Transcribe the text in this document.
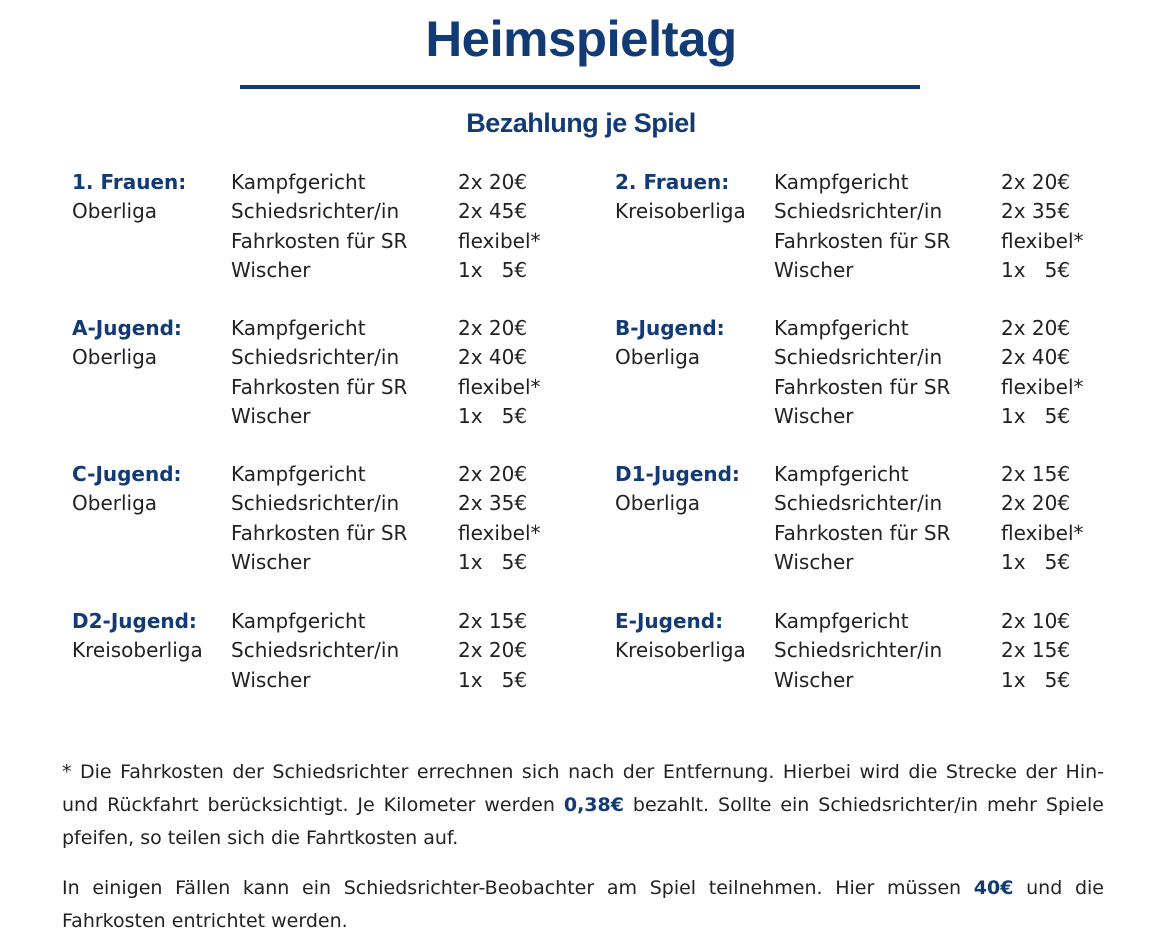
Heimspieltag
Bezahlung je Spiel
1. Frauen:
Oberliga
Kampfgericht
Schiedsrichter/in
Fahrkosten für SR
Wischer
2x 20€
2x 45€
flexibel*
1x   5€
2. Frauen:
Kreisoberliga
Kampfgericht
Schiedsrichter/in
Fahrkosten für SR
Wischer
2x 20€
2x 35€
flexibel*
1x   5€
A-Jugend:
Oberliga
Kampfgericht
Schiedsrichter/in
Fahrkosten für SR
Wischer
2x 20€
2x 40€
flexibel*
1x   5€
B-Jugend:
Oberliga
Kampfgericht
Schiedsrichter/in
Fahrkosten für SR
Wischer
2x 20€
2x 40€
flexibel*
1x   5€
C-Jugend:
Oberliga
Kampfgericht
Schiedsrichter/in
Fahrkosten für SR
Wischer
2x 20€
2x 35€
flexibel*
1x   5€
D1-Jugend:
Oberliga
Kampfgericht
Schiedsrichter/in
Fahrkosten für SR
Wischer
2x 15€
2x 20€
flexibel*
1x   5€
D2-Jugend:
Kreisoberliga
Kampfgericht
Schiedsrichter/in
Wischer
2x 15€
2x 20€
1x   5€
E-Jugend:
Kreisoberliga
Kampfgericht
Schiedsrichter/in
Wischer
2x 10€
2x 15€
1x   5€
* Die Fahrkosten der Schiedsrichter errechnen sich nach der Entfernung. Hierbei wird die Strecke der Hin- und Rückfahrt berücksichtigt. Je Kilometer werden 0,38€ bezahlt. Sollte ein Schiedsrichter/in mehr Spiele pfeifen, so teilen sich die Fahrtkosten auf.
In einigen Fällen kann ein Schiedsrichter-Beobachter am Spiel teilnehmen. Hier müssen 40€ und die Fahrkosten entrichtet werden.
